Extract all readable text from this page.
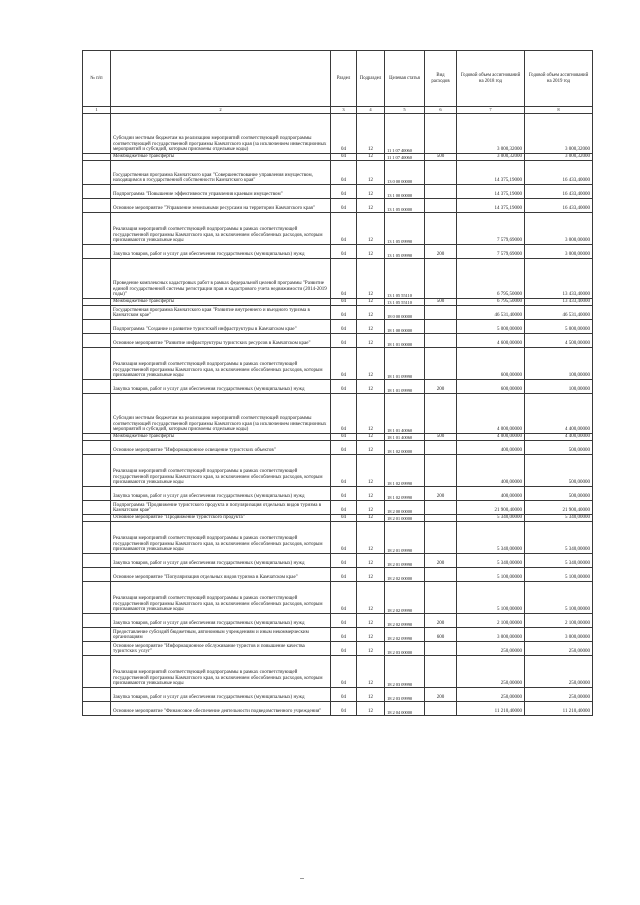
№ п/п		Раздел	Подраздел	Целевая статья	Вид расходов	Годовой объем ассигнований на 2018 год	Годовой объем ассигнований на 2019 год
1	2	3	4	5	6	7	8
	Субсидии местным бюджетам на реализацию мероприятий соответствующей подпрограммы соответствующей государственной программы Камчатского края (за исключением инвестиционных мероприятий и субсидий, которым присвоены отдельные коды)	04	12	11 1 07 40060		3 000,32000	3 000,32000
	Межбюджетные трансферты	04	12	11 1 07 40060	500	3 000,32000	3 000,32000
	Государственная программа Камчатского края "Совершенствование управления имуществом, находящимся в государственной собственности Камчатского края"	04	12	13 0 00 00000		14 375,19000	16 433,40000
	Подпрограмма "Повышение эффективности управления краевым имуществом"	04	12	13 1 00 00000		14 375,19000	16 433,40000
	Основное мероприятие "Управление земельными ресурсами на территории Камчатского края"	04	12	13 1 05 00000		14 375,19000	16 433,40000
	Реализация мероприятий соответствующей подпрограммы в рамках соответствующей государственной программы Камчатского края, за исключением обособленных расходов, которым присваиваются уникальные коды	04	12	13 1 05 09990		7 579,69000	3 000,00000
	Закупка товаров, работ и услуг для обеспечения государственных (муниципальных) нужд	04	12	13 1 05 09990	200	7 579,69000	3 000,00000
	Проведение комплексных кадастровых работ в рамках федеральной целевой программы "Развитие единой государственной системы регистрации прав и кадастрового учета недвижимости (2014-2019 годы)"	04	12	13 1 05 55110		6 795,50000	13 433,40000
	Межбюджетные трансферты	04	12	13 1 05 55110	500	6 795,50000	13 433,40000
	Государственная программа Камчатского края "Развитие внутреннего и въездного туризма в Камчатском крае"	04	12	18 0 00 00000		46 531,40000	46 531,40000
	Подпрограмма "Создание и развитие туристской инфраструктуры в Камчатском крае"	04	12	18 1 00 00000		5 000,00000	5 000,00000
	Основное мероприятие "Развитие инфраструктуры туристских ресурсов в Камчатском крае"	04	12	18 1 01 00000		4 600,00000	4 500,00000
	Реализация мероприятий соответствующей подпрограммы в рамках соответствующей государственной программы Камчатского края, за исключением обособленных расходов, которым присваиваются уникальные коды	04	12	18 1 01 09990		600,00000	100,00000
	Закупка товаров, работ и услуг для обеспечения государственных (муниципальных) нужд	04	12	18 1 01 09990	200	600,00000	100,00000
	Субсидии местным бюджетам на реализацию мероприятий соответствующей подпрограммы соответствующей государственной программы Камчатского края (за исключением инвестиционных мероприятий и субсидий, которым присвоены отдельные коды)	04	12	18 1 01 40060		4 000,00000	4 400,00000
	Межбюджетные трансферты	04	12	18 1 01 40060	500	4 000,00000	4 400,00000
	Основное мероприятие "Информационное освещение туристских объектов"	04	12	18 1 02 00000		400,00000	500,00000
	Реализация мероприятий соответствующей подпрограммы в рамках соответствующей государственной программы Камчатского края, за исключением обособленных расходов, которым присваиваются уникальные коды	04	12	18 1 02 09990		400,00000	500,00000
	Закупка товаров, работ и услуг для обеспечения государственных (муниципальных) нужд	04	12	18 1 02 09990	200	400,00000	500,00000
	Подпрограмма "Продвижение туристского продукта и популяризация отдельных видов туризма в Камчатском крае"	04	12	18 2 00 00000		21 900,40000	21 900,40000
	Основное мероприятие "Продвижение туристского продукта"	04	12	18 2 01 00000		5 340,00000	5 340,00000
	Реализация мероприятий соответствующей подпрограммы в рамках соответствующей государственной программы Камчатского края, за исключением обособленных расходов, которым присваиваются уникальные коды	04	12	18 2 01 09990		5 340,00000	5 340,00000
	Закупка товаров, работ и услуг для обеспечения государственных (муниципальных) нужд	04	12	18 2 01 09990	200	5 340,00000	5 340,00000
	Основное мероприятие "Популяризация отдельных видов туризма в Камчатском крае"	04	12	18 2 02 00000		5 100,00000	5 100,00000
	Реализация мероприятий соответствующей подпрограммы в рамках соответствующей государственной программы Камчатского края, за исключением обособленных расходов, которым присваиваются уникальные коды	04	12	18 2 02 09990		5 100,00000	5 100,00000
	Закупка товаров, работ и услуг для обеспечения государственных (муниципальных) нужд	04	12	18 2 02 09990	200	2 100,00000	2 100,00000
	Предоставление субсидий бюджетным, автономным учреждениям и иным некоммерческим организациям	04	12	18 2 02 09990	600	3 000,00000	3 000,00000
	Основное мероприятие "Информационное обслуживание туристов и повышение качества туристских услуг"	04	12	18 2 03 00000		250,00000	250,00000
	Реализация мероприятий соответствующей подпрограммы в рамках соответствующей государственной программы Камчатского края, за исключением обособленных расходов, которым присваиваются уникальные коды	04	12	18 2 03 09990		250,00000	250,00000
	Закупка товаров, работ и услуг для обеспечения государственных (муниципальных) нужд	04	12	18 2 03 09990	200	250,00000	250,00000
	Основное мероприятие "Финансовое обеспечение деятельности подведомственного учреждения"	04	12	18 2 04 00000		11 210,40000	11 210,40000
